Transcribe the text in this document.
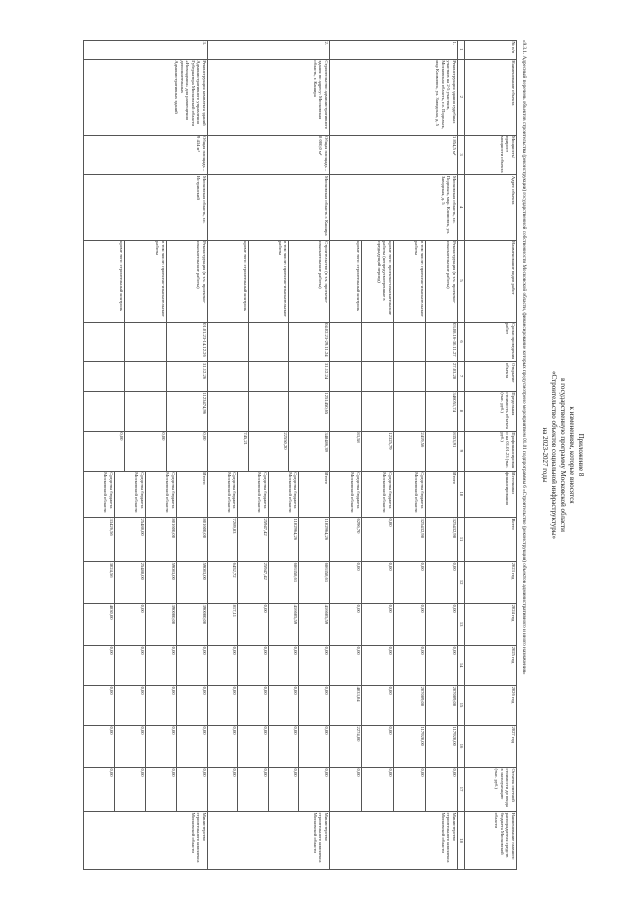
Приложение 8
к изменениям, которые вносятся
в государственную программу Московской области
«Строительство объектов социальной инфраструктуры»
на 2023-2027 годы
«9.3.1. Адресный перечень объектов строительства (реконструкции) государственной собственности Московской области, финансирование которых предусмотрено мероприятием 01.01 подпрограммы 6 «Строительство (реконструкция) объектов административного и иного назначения»
№ п/п
1
Наименование объекта
2
Мощность/ прирост мощности объекта
3
Адрес объекта
4
Наименование видов работ
5
Сроки проведения работ
6
Открытие объекта
7
Предельная стоимость объекта (тыс. руб.)
8
Профинансировано на 01.01.23 (тыс. руб.)
9
Источники финансирования
10
Всего
11
2023 год
12
2024 год
13
2025 год
14
2026 год
15
2027 год
16
Остаток сметной стоимости до ввода в эксплуатацию (тыс. руб.)
17
Наименование главного распорядителя средств бюджета Московской области
18
1.
Реконструкция здания судебных участков на 2-5 участков, Московская область, г.о. Подольск, мкр Климовск, ул. Заводская, д. 5
1 854,5 м²
Московская область, г.о. Подольск, мкр. Климовск, ул. Заводская, д. 5
03.08.16-30.11.27
27.03.28
346051,74
Министерство строительного комплекса Московской области
Реконструкция (в т.ч. проектно-изыскательские работы)
8353,91
в том числе: проектно-изыскательские работы
2419,56
кроме того: проектно-изыскательские работы (непредусмотренные в предыдущий период)
12325,79
кроме того: строительный контроль
83,58
Итого
325432,98
0,00
0,00
0,00
207089,08
117920,00
0,00
Средства бюджета Московской области
325432,98
0,00
0,00
0,00
207089,08
117920,00
0,00
Средства бюджета Московской области
0,00
0,00
0,00
0,00
0,00
0,00
0,00
Средства бюджета Московской области
6296,70
0,00
0,00
0,00
4033,04
2274,00
0,00
2.
Строительство административного здания по адресу: Московская область, г. Кашира
Общая площадь – 8 000,0 м²
Московская область г. Кашира
04.02.23-29.11.24
31.12.24
1251450,65
Министерство строительного комплекса Московской области
Строительство (в т.ч. проектно-изыскательские работы)
348486,39
в том числе: проектно-изыскательские работы
22550,20
кроме того: строительный контроль
745,21
Итого
1102964,26
686358,61
416605,59
0,00
0,00
0,00
0,00
Средства бюджета Московской области
1102964,26
686358,61
416605,59
0,00
0,00
0,00
0,00
Средства бюджета Московской области
25947,42
25947,42
0,00
0,00
0,00
0,00
0,00
Средства бюджета Московской области
7269,83
6452,72
817,11
0,00
0,00
0,00
0,00
3.
Реконструкция комплекса зданий Административного управления Губернатора Московской области «Новоадмин» для размещения дополнительных Административных зданий
Общая площадь – 9 434 м²
Московская область, г.о. Истринский
01.01.23-14.12.26
31.12.26
1123474,96
Министерство строительного комплекса Московской области
Реконструкция (в т.ч. проектно-изыскательские работы)
0,00
в том числе: проектно-изыскательские работы
0,00
кроме того: строительный контроль
0,00
Итого:
801600,00
59083,00
390000,00
0,00
0,00
0,00
0,00
Средства бюджета Московской области
801600,00
59083,00
390000,00
0,00
0,00
0,00
0,00
Средства бюджета Московской области
25488,00
25488,00
0,00
0,00
0,00
0,00
0,00
Средства бюджета Московской области
33426,56
3024,56
4830,00
0,00
0,00
0,00
0,00
